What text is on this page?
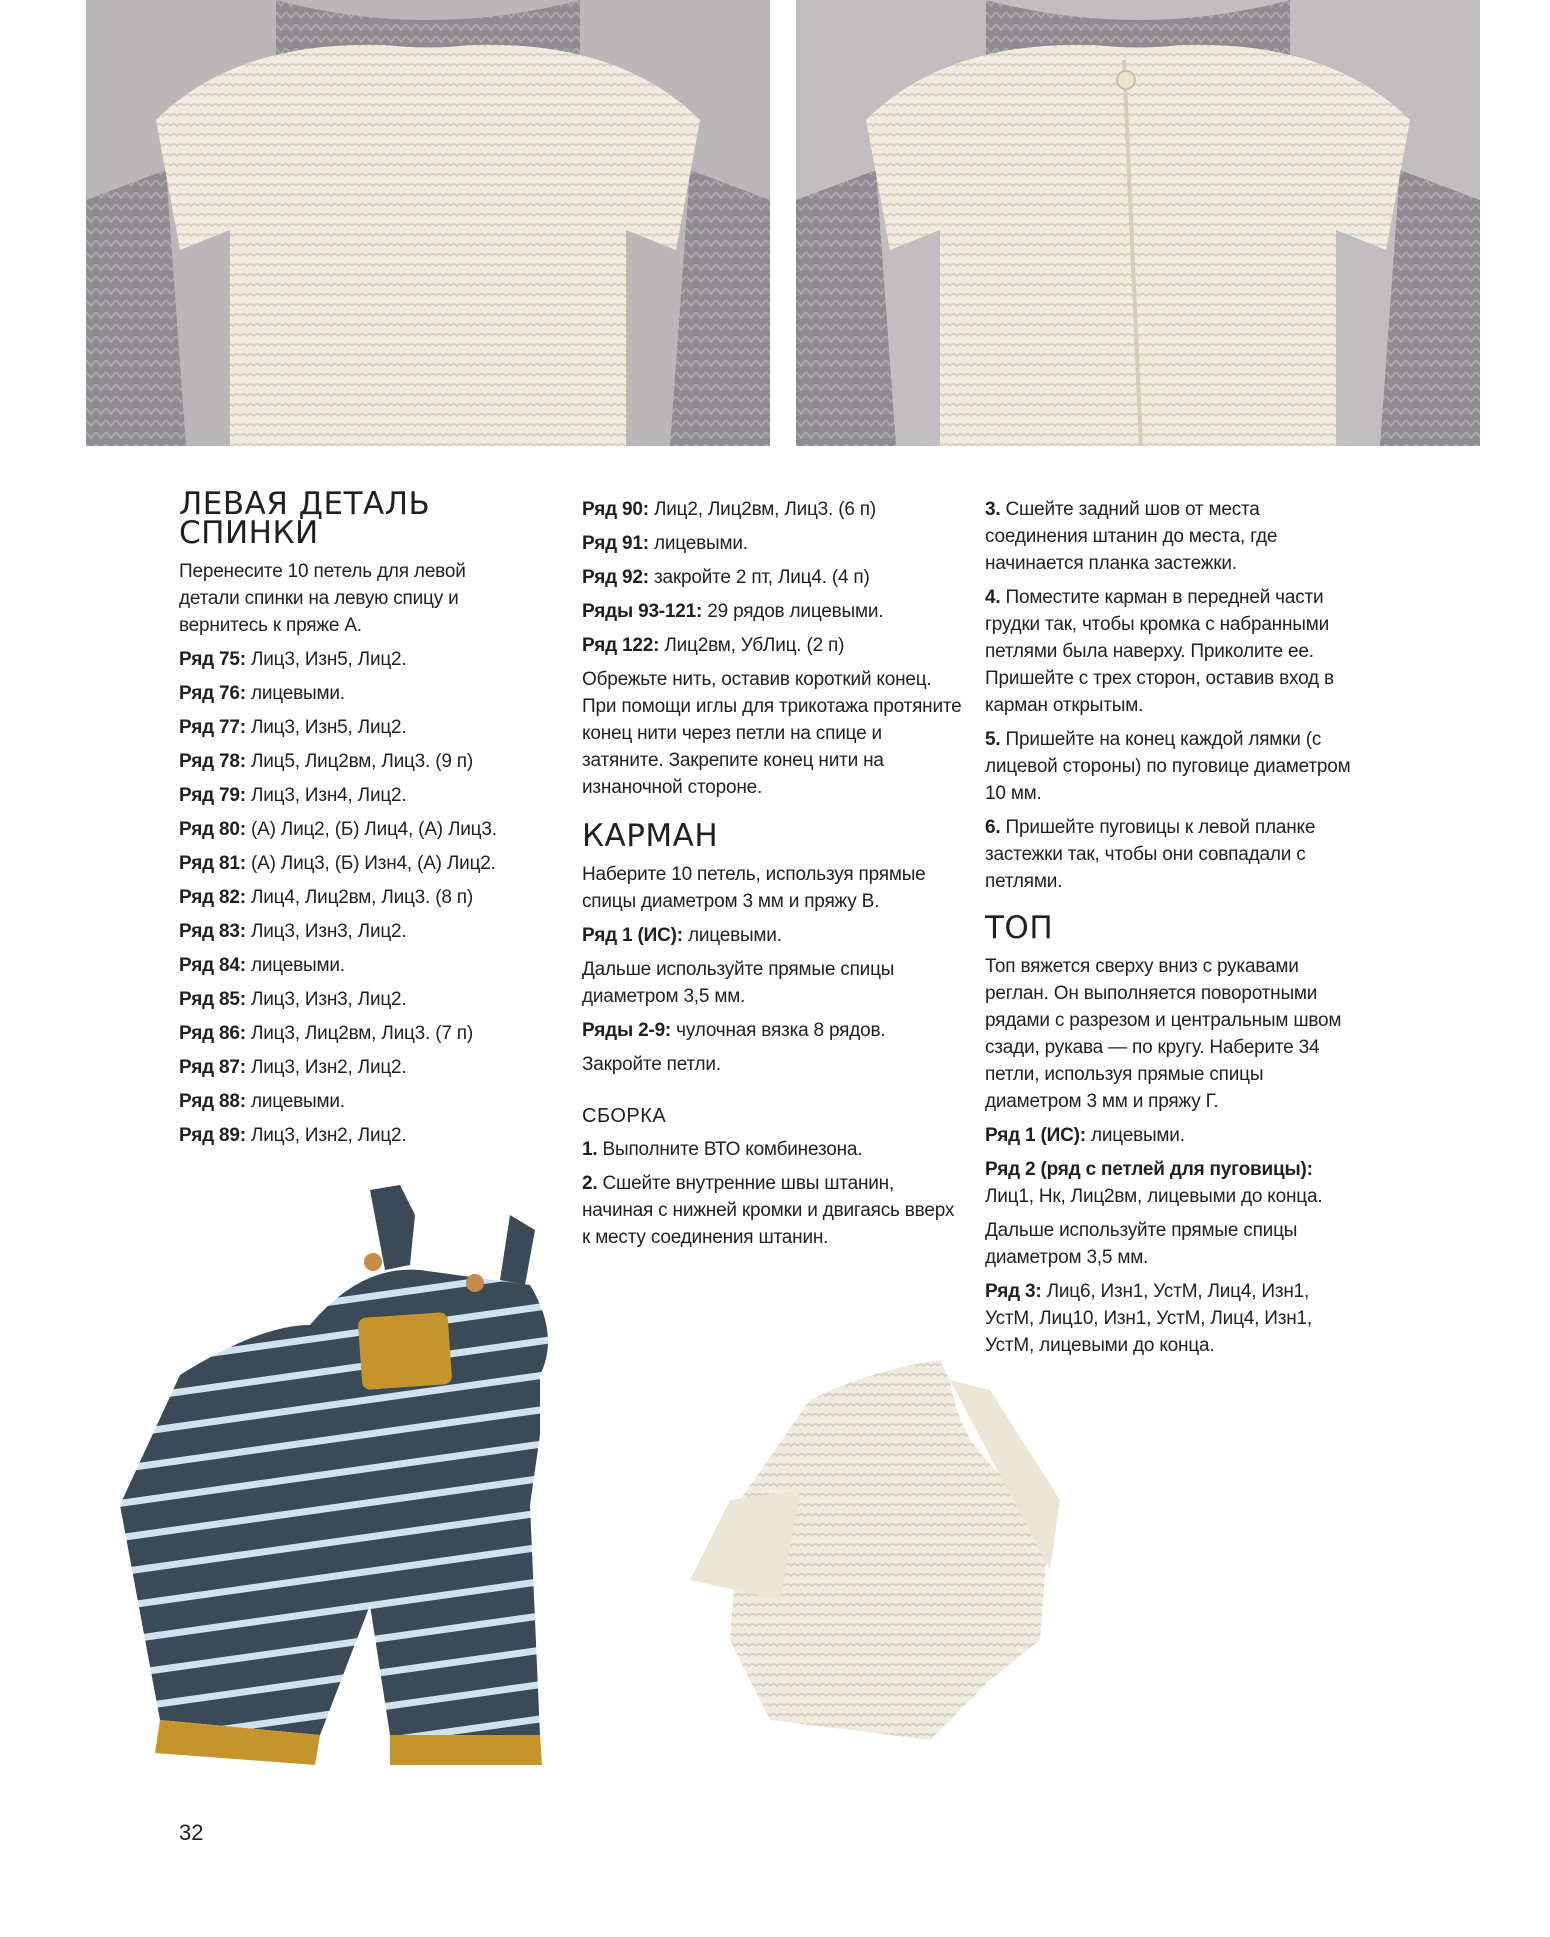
ЛЕВАЯ ДЕТАЛЬ
СПИНКИ

Перенесите 10 петель для левой детали спинки на левую спицу и вернитесь к пряже А.

Ряд 75: Лиц3, Изн5, Лиц2.

Ряд 76: лицевыми.

Ряд 77: Лиц3, Изн5, Лиц2.

Ряд 78: Лиц5, Лиц2вм, Лиц3. (9 п)

Ряд 79: Лиц3, Изн4, Лиц2.

Ряд 80: (А) Лиц2, (Б) Лиц4, (А) Лиц3.

Ряд 81: (А) Лиц3, (Б) Изн4, (А) Лиц2.

Ряд 82: Лиц4, Лиц2вм, Лиц3. (8 п)

Ряд 83: Лиц3, Изн3, Лиц2.

Ряд 84: лицевыми.

Ряд 85: Лиц3, Изн3, Лиц2.

Ряд 86: Лиц3, Лиц2вм, Лиц3. (7 п)

Ряд 87: Лиц3, Изн2, Лиц2.

Ряд 88: лицевыми.

Ряд 89: Лиц3, Изн2, Лиц2.

Ряд 90: Лиц2, Лиц2вм, Лиц3. (6 п)

Ряд 91: лицевыми.

Ряд 92: закройте 2 пт, Лиц4. (4 п)

Ряды 93-121: 29 рядов лицевыми.

Ряд 122: Лиц2вм, УбЛиц. (2 п)

Обрежьте нить, оставив короткий конец. При помощи иглы для трикотажа протяните конец нити через петли на спице и затяните. Закрепите конец нити на изнаночной стороне.

КАРМАН

Наберите 10 петель, используя прямые спицы диаметром 3 мм и пряжу В.

Ряд 1 (ИС): лицевыми.

Дальше используйте прямые спицы диаметром 3,5 мм.

Ряды 2-9: чулочная вязка 8 рядов.

Закройте петли.

СБОРКА

1. Выполните ВТО комбинезона.

2. Сшейте внутренние швы штанин, начиная с нижней кромки и двигаясь вверх к месту соединения штанин.

3. Сшейте задний шов от места соединения штанин до места, где начинается планка застежки.

4. Поместите карман в передней части грудки так, чтобы кромка с набранными петлями была наверху. Приколите ее. Пришейте с трех сторон, оставив вход в карман открытым.

5. Пришейте на конец каждой лямки (с лицевой стороны) по пуговице диаметром 10 мм.

6. Пришейте пуговицы к левой планке застежки так, чтобы они совпадали с петлями.

ТОП

Топ вяжется сверху вниз с рукавами реглан. Он выполняется поворотными рядами с разрезом и центральным швом сзади, рукава — по кругу. Наберите 34 петли, используя прямые спицы диаметром 3 мм и пряжу Г.

Ряд 1 (ИС): лицевыми.

Ряд 2 (ряд с петлей для пуговицы):
Лиц1, Нк, Лиц2вм, лицевыми до конца.

Дальше используйте прямые спицы диаметром 3,5 мм.

Ряд 3: Лиц6, Изн1, УстМ, Лиц4, Изн1, УстМ, Лиц10, Изн1, УстМ, Лиц4, Изн1, УстМ, лицевыми до конца.

32
